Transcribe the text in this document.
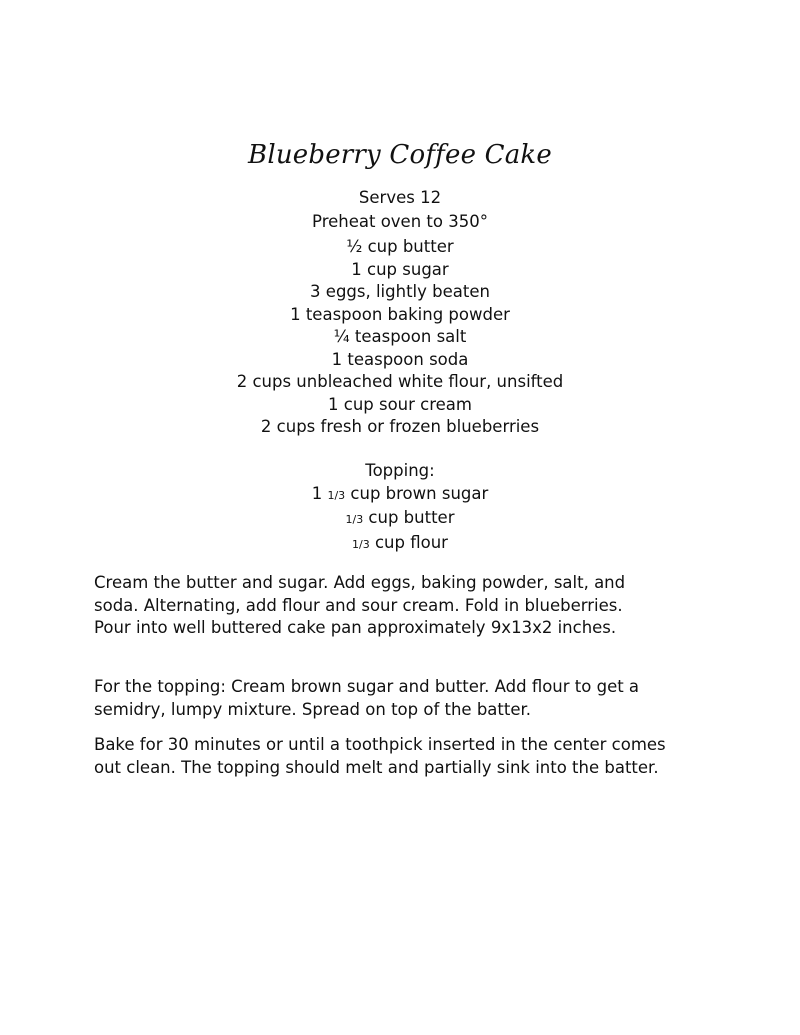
Blueberry Coffee Cake
Serves 12
Preheat oven to 350°
½ cup butter
1 cup sugar
3 eggs, lightly beaten
1 teaspoon baking powder
¼ teaspoon salt
1 teaspoon soda
2 cups unbleached white flour, unsifted
1 cup sour cream
2 cups fresh or frozen blueberries
Topping:
1 1/3 cup brown sugar
1/3 cup butter
1/3 cup flour
Cream the butter and sugar. Add eggs, baking powder, salt, and
soda. Alternating, add flour and sour cream. Fold in blueberries.
Pour into well buttered cake pan approximately 9x13x2 inches.
For the topping: Cream brown sugar and butter. Add flour to get a
semidry, lumpy mixture. Spread on top of the batter.
Bake for 30 minutes or until a toothpick inserted in the center comes
out clean. The topping should melt and partially sink into the batter.
